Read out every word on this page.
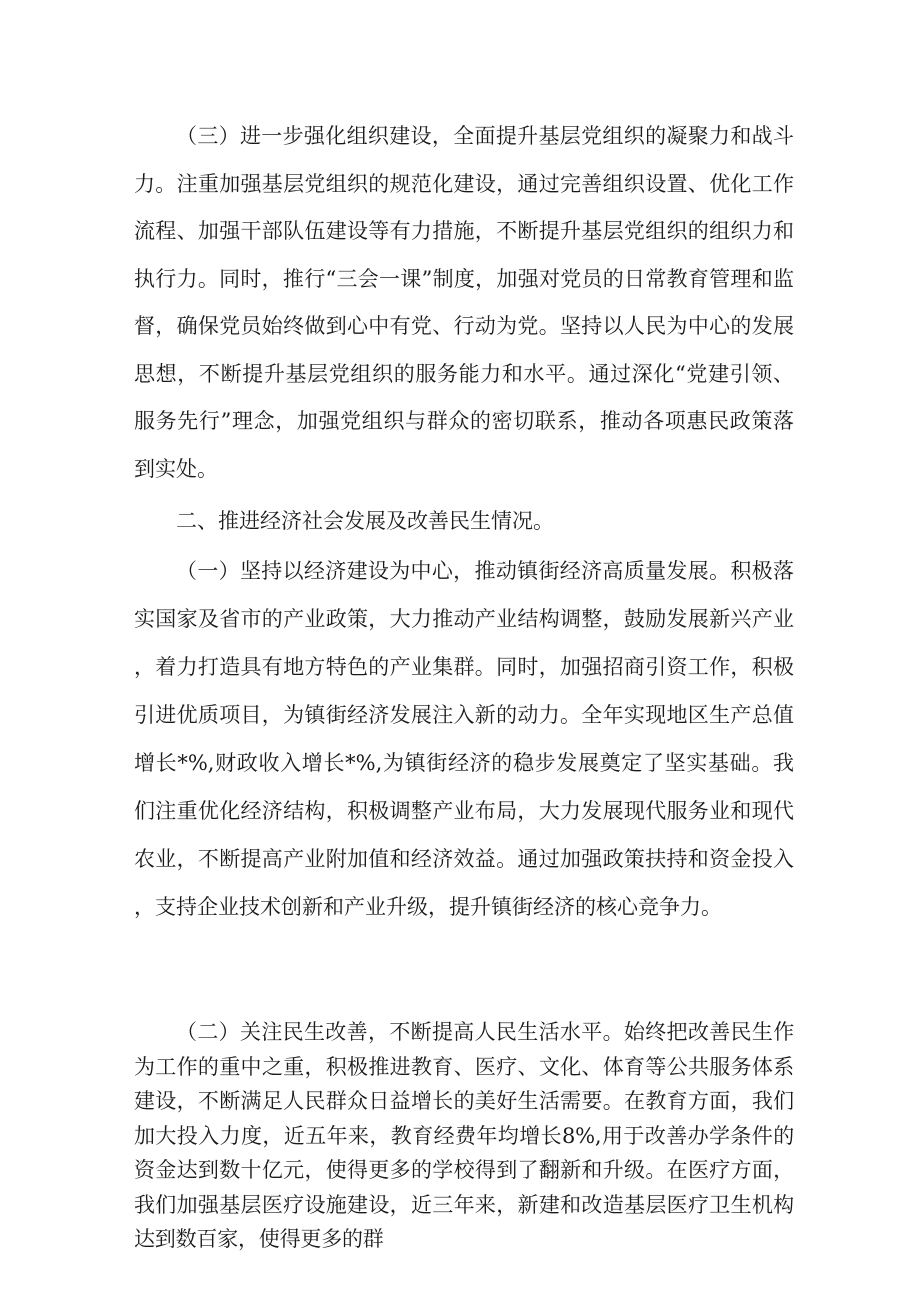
（三）进一步强化组织建设，全面提升基层党组织的凝聚力和战斗力。注重加强基层党组织的规范化建设，通过完善组织设置、优化工作流程、加强干部队伍建设等有力措施，不断提升基层党组织的组织力和执行力。同时，推行“三会一课”制度，加强对党员的日常教育管理和监督，确保党员始终做到心中有党、行动为党。坚持以人民为中心的发展思想，不断提升基层党组织的服务能力和水平。通过深化“党建引领、服务先行”理念，加强党组织与群众的密切联系，推动各项惠民政策落到实处。

二、推进经济社会发展及改善民生情况。

（一）坚持以经济建设为中心，推动镇街经济高质量发展。积极落实国家及省市的产业政策，大力推动产业结构调整，鼓励发展新兴产业，着力打造具有地方特色的产业集群。同时，加强招商引资工作，积极引进优质项目，为镇街经济发展注入新的动力。全年实现地区生产总值增长*%,财政收入增长*%,为镇街经济的稳步发展奠定了坚实基础。我们注重优化经济结构，积极调整产业布局，大力发展现代服务业和现代农业，不断提高产业附加值和经济效益。通过加强政策扶持和资金投入，支持企业技术创新和产业升级，提升镇街经济的核心竞争力。

（二）关注民生改善，不断提高人民生活水平。始终把改善民生作为工作的重中之重，积极推进教育、医疗、文化、体育等公共服务体系建设，不断满足人民群众日益增长的美好生活需要。在教育方面，我们加大投入力度，近五年来，教育经费年均增长8%,用于改善办学条件的资金达到数十亿元，使得更多的学校得到了翻新和升级。在医疗方面，我们加强基层医疗设施建设，近三年来，新建和改造基层医疗卫生机构达到数百家，使得更多的群
